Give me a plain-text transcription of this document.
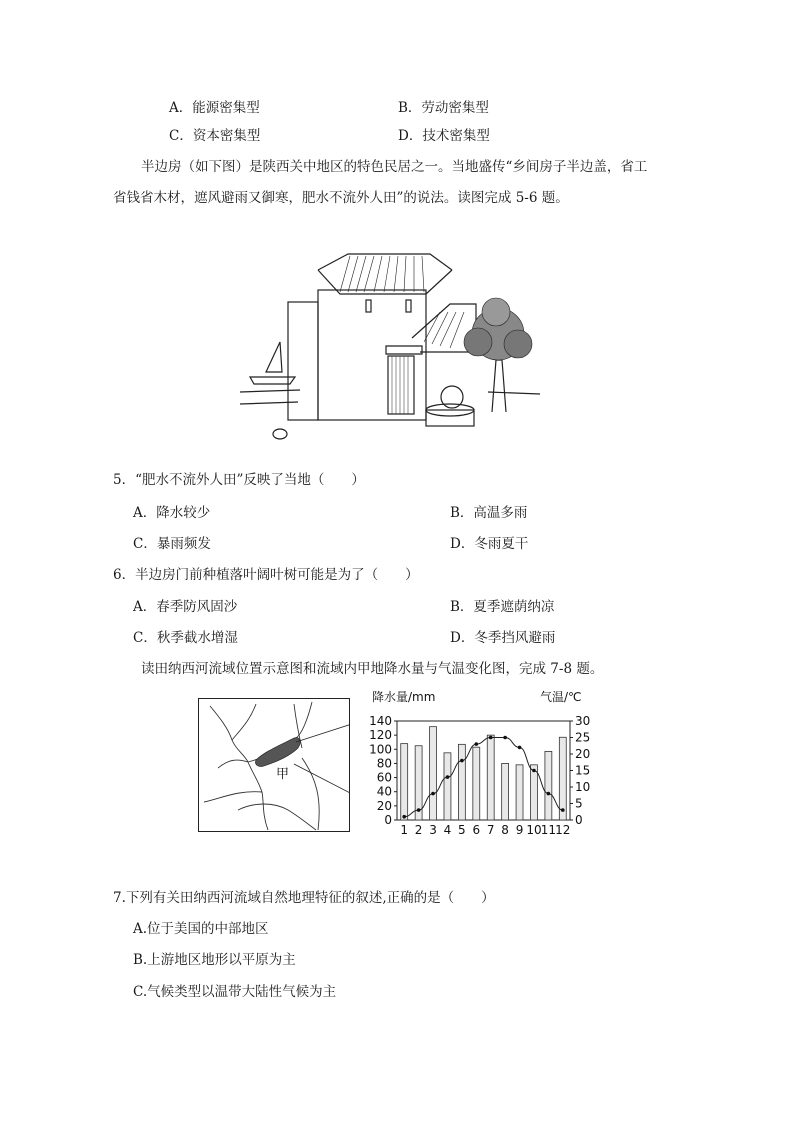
A．能源密集型	B．劳动密集型
C．资本密集型	D．技术密集型
半边房（如下图）是陕西关中地区的特色民居之一。当地盛传“乡间房子半边盖，省工
省钱省木材，遮风避雨又御寒，肥水不流外人田”的说法。读图完成 5-6 题。
5．“肥水不流外人田”反映了当地（　　）
A．降水较少	B．高温多雨
C．暴雨频发	D．冬雨夏干
6．半边房门前种植落叶阔叶树可能是为了（　　）
A．春季防风固沙	B．夏季遮荫纳凉
C．秋季截水增湿	D．冬季挡风避雨
读田纳西河流域位置示意图和流域内甲地降水量与气温变化图，完成 7-8 题。
甲
降水量/mm	气温/℃
0
20
40
60
80
100
120
140
0
5
10
15
20
25
30
1 2 3 4 5 6 7 8 9 10 11 12
7.下列有关田纳西河流域自然地理特征的叙述,正确的是（　　）
A.位于美国的中部地区
B.上游地区地形以平原为主
C.气候类型以温带大陆性气候为主
